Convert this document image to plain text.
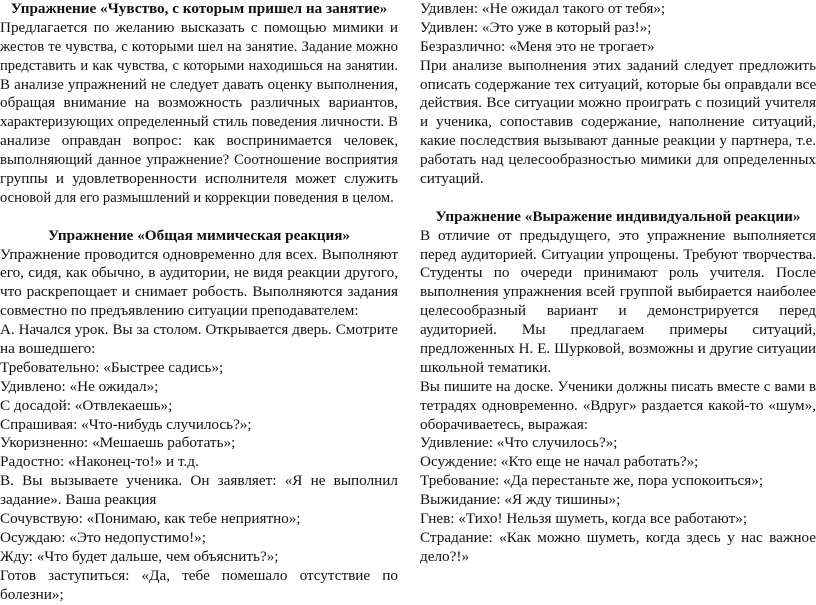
Упражнение «Чувство, с которым пришел на занятие»
Предлагается по желанию высказать с помощью мимики и
жестов те чувства, с которыми шел на занятие. Задание можно
представить и как чувства, с которыми находишься на занятии.
В анализе упражнений не следует давать оценку выполнения,
обращая внимание на возможность различных вариантов,
характеризующих определенный стиль поведения личности. В
анализе оправдан вопрос: как воспринимается человек,
выполняющий данное упражнение? Соотношение восприятия
группы и удовлетворенности исполнителя может служить
основой для его размышлений и коррекции поведения в целом.
Упражнение «Общая мимическая реакция»
Упражнение проводится одновременно для всех. Выполняют
его, сидя, как обычно, в аудитории, не видя реакции другого,
что раскрепощает и снимает робость. Выполняются задания
совместно по предъявлению ситуации преподавателем:
А. Начался урок. Вы за столом. Открывается дверь. Смотрите
на вошедшего:
Требовательно: «Быстрее садись»;
Удивлено: «Не ожидал»;
С досадой: «Отвлекаешь»;
Спрашивая: «Что-нибудь случилось?»;
Укоризненно: «Мешаешь работать»;
Радостно: «Наконец-то!» и т.д.
В. Вы вызываете ученика. Он заявляет: «Я не выполнил
задание». Ваша реакция
Сочувствую: «Понимаю, как тебе неприятно»;
Осуждаю: «Это недопустимо!»;
Жду: «Что будет дальше, чем объяснить?»;
Готов заступиться: «Да, тебе помешало отсутствие по
болезни»;
Удивлен: «Не ожидал такого от тебя»;
Удивлен: «Это уже в который раз!»;
Безразлично: «Меня это не трогает»
При анализе выполнения этих заданий следует предложить
описать содержание тех ситуаций, которые бы оправдали все
действия. Все ситуации можно проиграть с позиций учителя
и ученика, сопоставив содержание, наполнение ситуаций,
какие последствия вызывают данные реакции у партнера, т.е.
работать над целесообразностью мимики для определенных
ситуаций.
Упражнение «Выражение индивидуальной реакции»
В отличие от предыдущего, это упражнение выполняется
перед аудиторией. Ситуации упрощены. Требуют творчества.
Студенты по очереди принимают роль учителя. После
выполнения упражнения всей группой выбирается наиболее
целесообразный вариант и демонстрируется перед
аудиторией. Мы предлагаем примеры ситуаций,
предложенных Н. Е. Шурковой, возможны и другие ситуации
школьной тематики.
Вы пишите на доске. Ученики должны писать вместе с вами в
тетрадях одновременно. «Вдруг» раздается какой-то «шум»,
оборачиваетесь, выражая:
Удивление: «Что случилось?»;
Осуждение: «Кто еще не начал работать?»;
Требование: «Да перестаньте же, пора успокоиться»;
Выжидание: «Я жду тишины»;
Гнев: «Тихо! Нельзя шуметь, когда все работают»;
Страдание: «Как можно шуметь, когда здесь у нас важное
дело?!»
